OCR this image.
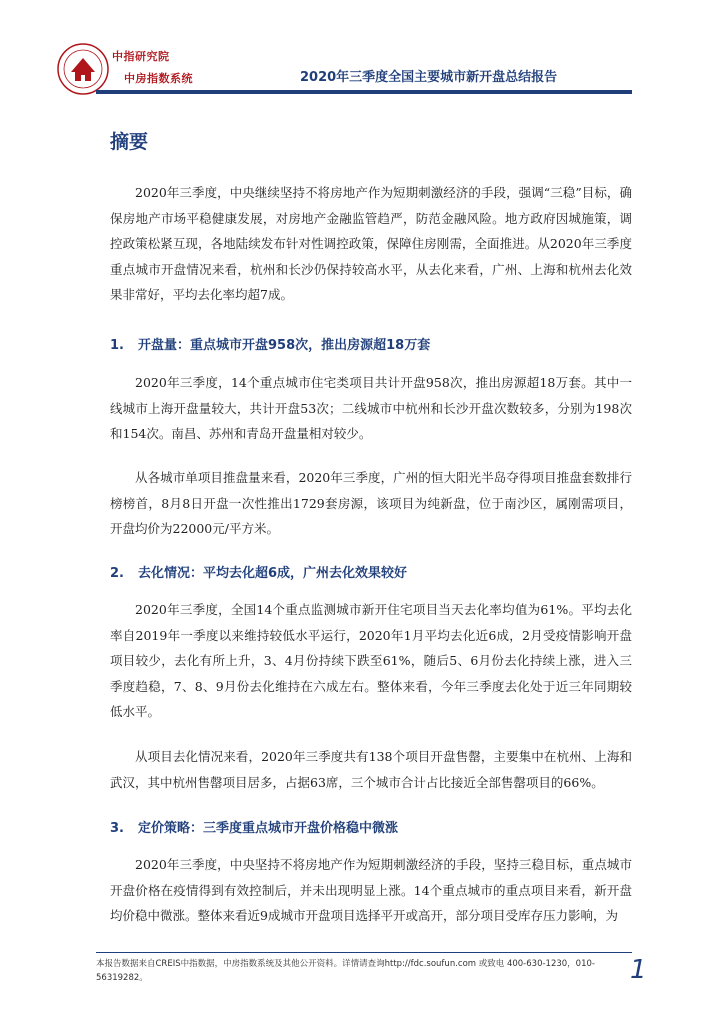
中指研究院
中房指数系统	2020年三季度全国主要城市新开盘总结报告
摘要

2020年三季度，中央继续坚持不将房地产作为短期刺激经济的手段，强调“三稳”目标，确保房地产市场平稳健康发展，对房地产金融监管趋严，防范金融风险。地方政府因城施策，调控政策松紧互现，各地陆续发布针对性调控政策，保障住房刚需，全面推进。从2020年三季度重点城市开盘情况来看，杭州和长沙仍保持较高水平，从去化来看，广州、上海和杭州去化效果非常好，平均去化率均超7成。

1. 开盘量：重点城市开盘958次，推出房源超18万套

2020年三季度，14个重点城市住宅类项目共计开盘958次，推出房源超18万套。其中一线城市上海开盘量较大，共计开盘53次；二线城市中杭州和长沙开盘次数较多，分别为198次和154次。南昌、苏州和青岛开盘量相对较少。

从各城市单项目推盘量来看，2020年三季度，广州的恒大阳光半岛夺得项目推盘套数排行榜榜首，8月8日开盘一次性推出1729套房源，该项目为纯新盘，位于南沙区，属刚需项目，开盘均价为22000元/平方米。

2. 去化情况：平均去化超6成，广州去化效果较好

2020年三季度，全国14个重点监测城市新开住宅项目当天去化率均值为61%。平均去化率自2019年一季度以来维持较低水平运行，2020年1月平均去化近6成，2月受疫情影响开盘项目较少，去化有所上升，3、4月份持续下跌至61%，随后5、6月份去化持续上涨，进入三季度趋稳，7、8、9月份去化维持在六成左右。整体来看，今年三季度去化处于近三年同期较低水平。

从项目去化情况来看，2020年三季度共有138个项目开盘售罄，主要集中在杭州、上海和武汉，其中杭州售罄项目居多，占据63席，三个城市合计占比接近全部售罄项目的66%。

3. 定价策略：三季度重点城市开盘价格稳中微涨

2020年三季度，中央坚持不将房地产作为短期刺激经济的手段，坚持三稳目标，重点城市开盘价格在疫情得到有效控制后，并未出现明显上涨。14个重点城市的重点项目来看，新开盘均价稳中微涨。整体来看近9成城市开盘项目选择平开或高开，部分项目受库存压力影响，为

本报告数据来自CREIS中指数据，中房指数系统及其他公开资料。详情请查询http://fdc.soufun.com 或致电 400-630-1230，010-56319282。	1
